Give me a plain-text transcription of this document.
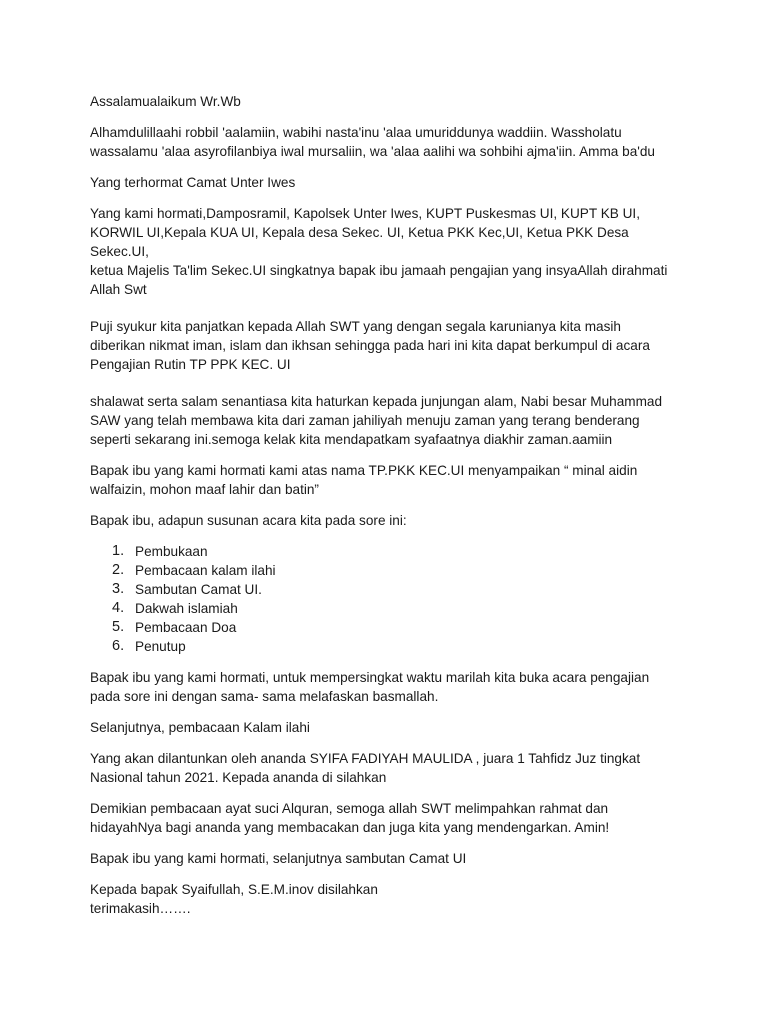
Assalamualaikum Wr.Wb

Alhamdulillaahi robbil 'aalamiin, wabihi nasta'inu 'alaa umuriddunya waddiin. Wassholatu
wassalamu 'alaa asyrofilanbiya iwal mursaliin, wa 'alaa aalihi wa sohbihi ajma'iin. Amma ba'du

Yang terhormat Camat Unter Iwes

Yang kami hormati,Damposramil, Kapolsek Unter Iwes, KUPT Puskesmas UI, KUPT KB UI,
KORWIL UI,Kepala KUA UI, Kepala desa Sekec. UI, Ketua PKK Kec,UI, Ketua PKK Desa Sekec.UI,
ketua Majelis Ta'lim Sekec.UI singkatnya bapak ibu jamaah pengajian yang insyaAllah dirahmati
Allah Swt

Puji syukur kita panjatkan kepada Allah SWT yang dengan segala karunianya kita masih
diberikan nikmat iman, islam dan ikhsan sehingga pada hari ini kita dapat berkumpul di acara
Pengajian Rutin TP PPK KEC. UI

shalawat serta salam senantiasa kita haturkan kepada junjungan alam, Nabi besar Muhammad
SAW yang telah membawa kita dari zaman jahiliyah menuju zaman yang terang benderang
seperti sekarang ini.semoga kelak kita mendapatkam syafaatnya diakhir zaman.aamiin

Bapak ibu yang kami hormati kami atas nama TP.PKK KEC.UI menyampaikan “ minal aidin
walfaizin, mohon maaf lahir dan batin”

Bapak ibu, adapun susunan acara kita pada sore ini:

1. Pembukaan
2. Pembacaan kalam ilahi
3. Sambutan Camat UI.
4. Dakwah islamiah
5. Pembacaan Doa
6. Penutup

Bapak ibu yang kami hormati, untuk mempersingkat waktu marilah kita buka acara pengajian
pada sore ini dengan sama- sama melafaskan basmallah.

Selanjutnya, pembacaan Kalam ilahi

Yang akan dilantunkan oleh ananda SYIFA FADIYAH MAULIDA , juara 1 Tahfidz Juz tingkat
Nasional tahun 2021. Kepada ananda di silahkan

Demikian pembacaan ayat suci Alquran, semoga allah SWT melimpahkan rahmat dan
hidayahNya bagi ananda yang membacakan dan juga kita yang mendengarkan. Amin!

Bapak ibu yang kami hormati, selanjutnya sambutan Camat UI

Kepada bapak Syaifullah, S.E.M.inov disilahkan

terimakasih…….
